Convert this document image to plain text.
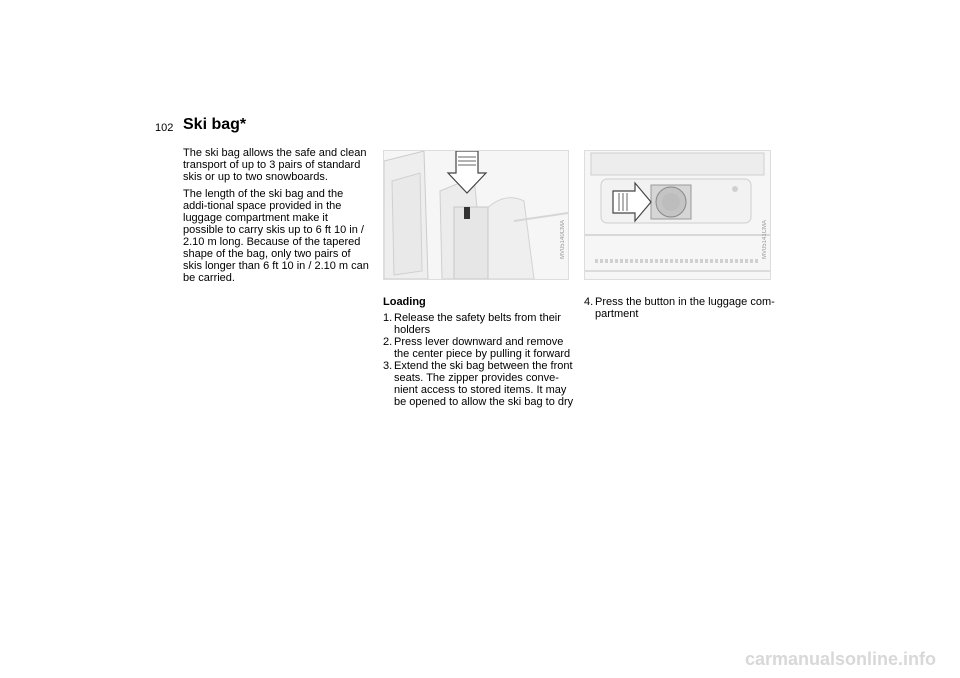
102 Ski bag*

The ski bag allows the safe and clean transport of up to 3 pairs of standard skis or up to two snowboards.

The length of the ski bag and the addi-tional space provided in the luggage compartment make it possible to carry skis up to 6 ft 10 in / 2.10 m long. Because of the tapered shape of the bag, only two pairs of skis longer than 6 ft 10 in / 2.10 m can be carried.

MV05140CMA	MV05141CMA
Loading
1. Release the safety belts from their holders
2. Press lever downward and remove the center piece by pulling it forward
3. Extend the ski bag between the front seats. The zipper provides conve-nient access to stored items. It may be opened to allow the ski bag to dry
4. Press the button in the luggage com-partment
carmanualsonline.info
